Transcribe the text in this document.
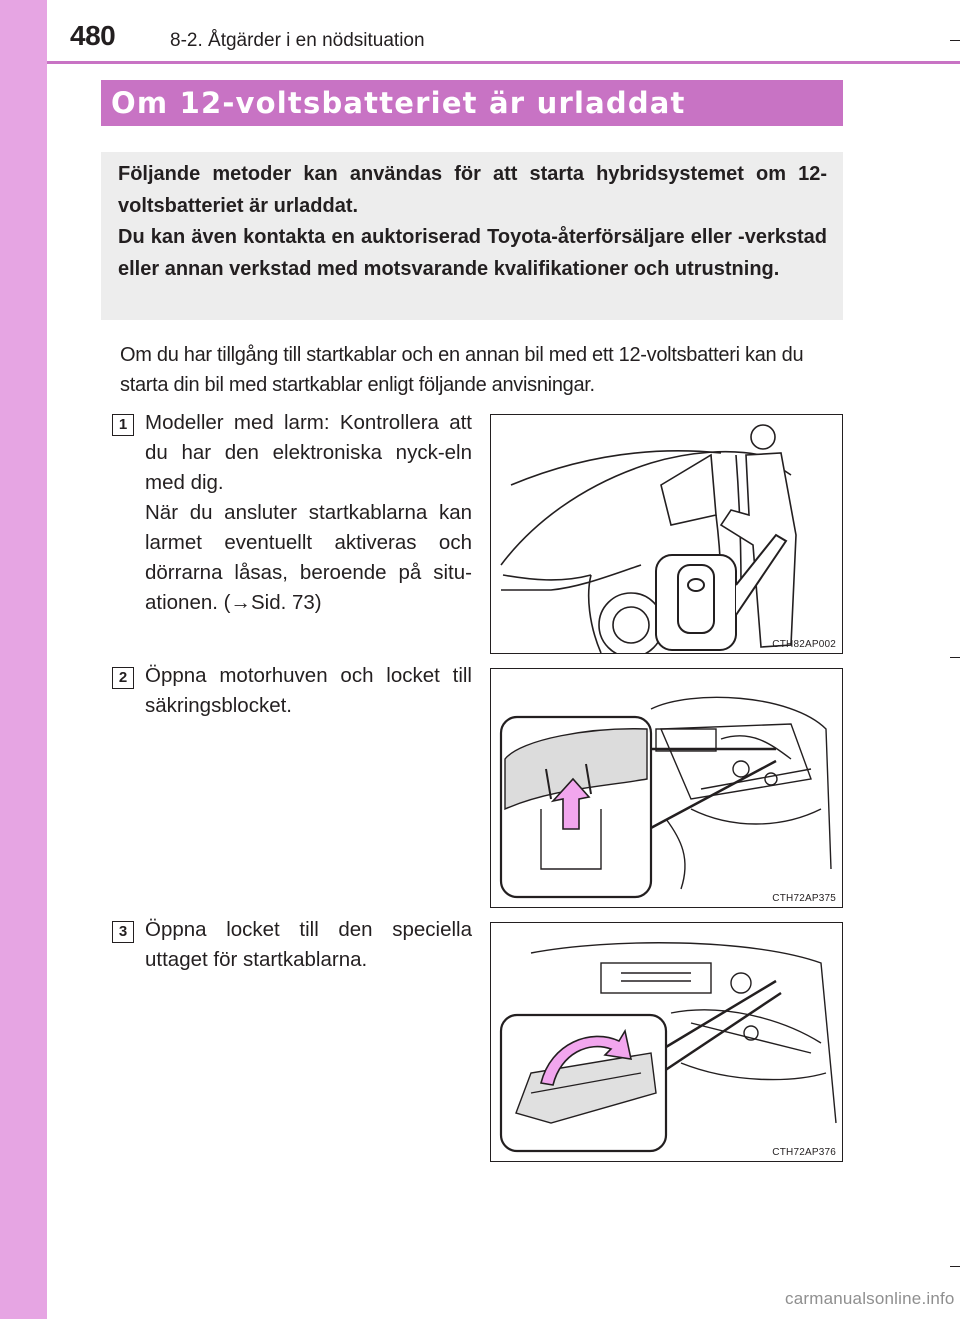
480	8-2. Åtgärder i en nödsituation
Om 12-voltsbatteriet är urladdat

Följande metoder kan användas för att starta hybridsystemet om 12-voltsbatteriet är urladdat.

Du kan även kontakta en auktoriserad Toyota-återförsäljare eller -verkstad eller annan verkstad med motsvarande kvalifikationer och utrustning.

Om du har tillgång till startkablar och en annan bil med ett 12-voltsbatteri kan du starta din bil med startkablar enligt följande anvisningar.

1 Modeller med larm: Kontrollera att du har den elektroniska nyck-eln med dig.

När du ansluter startkablarna kan larmet eventuellt aktiveras och dörrarna låsas, beroende på situ-ationen. (→Sid. 73)

CTH82AP002
2 Öppna motorhuven och locket till säkringsblocket.
CTH72AP375
3 Öppna locket till den speciella uttaget för startkablarna.
CTH72AP376
carmanualsonline.info
